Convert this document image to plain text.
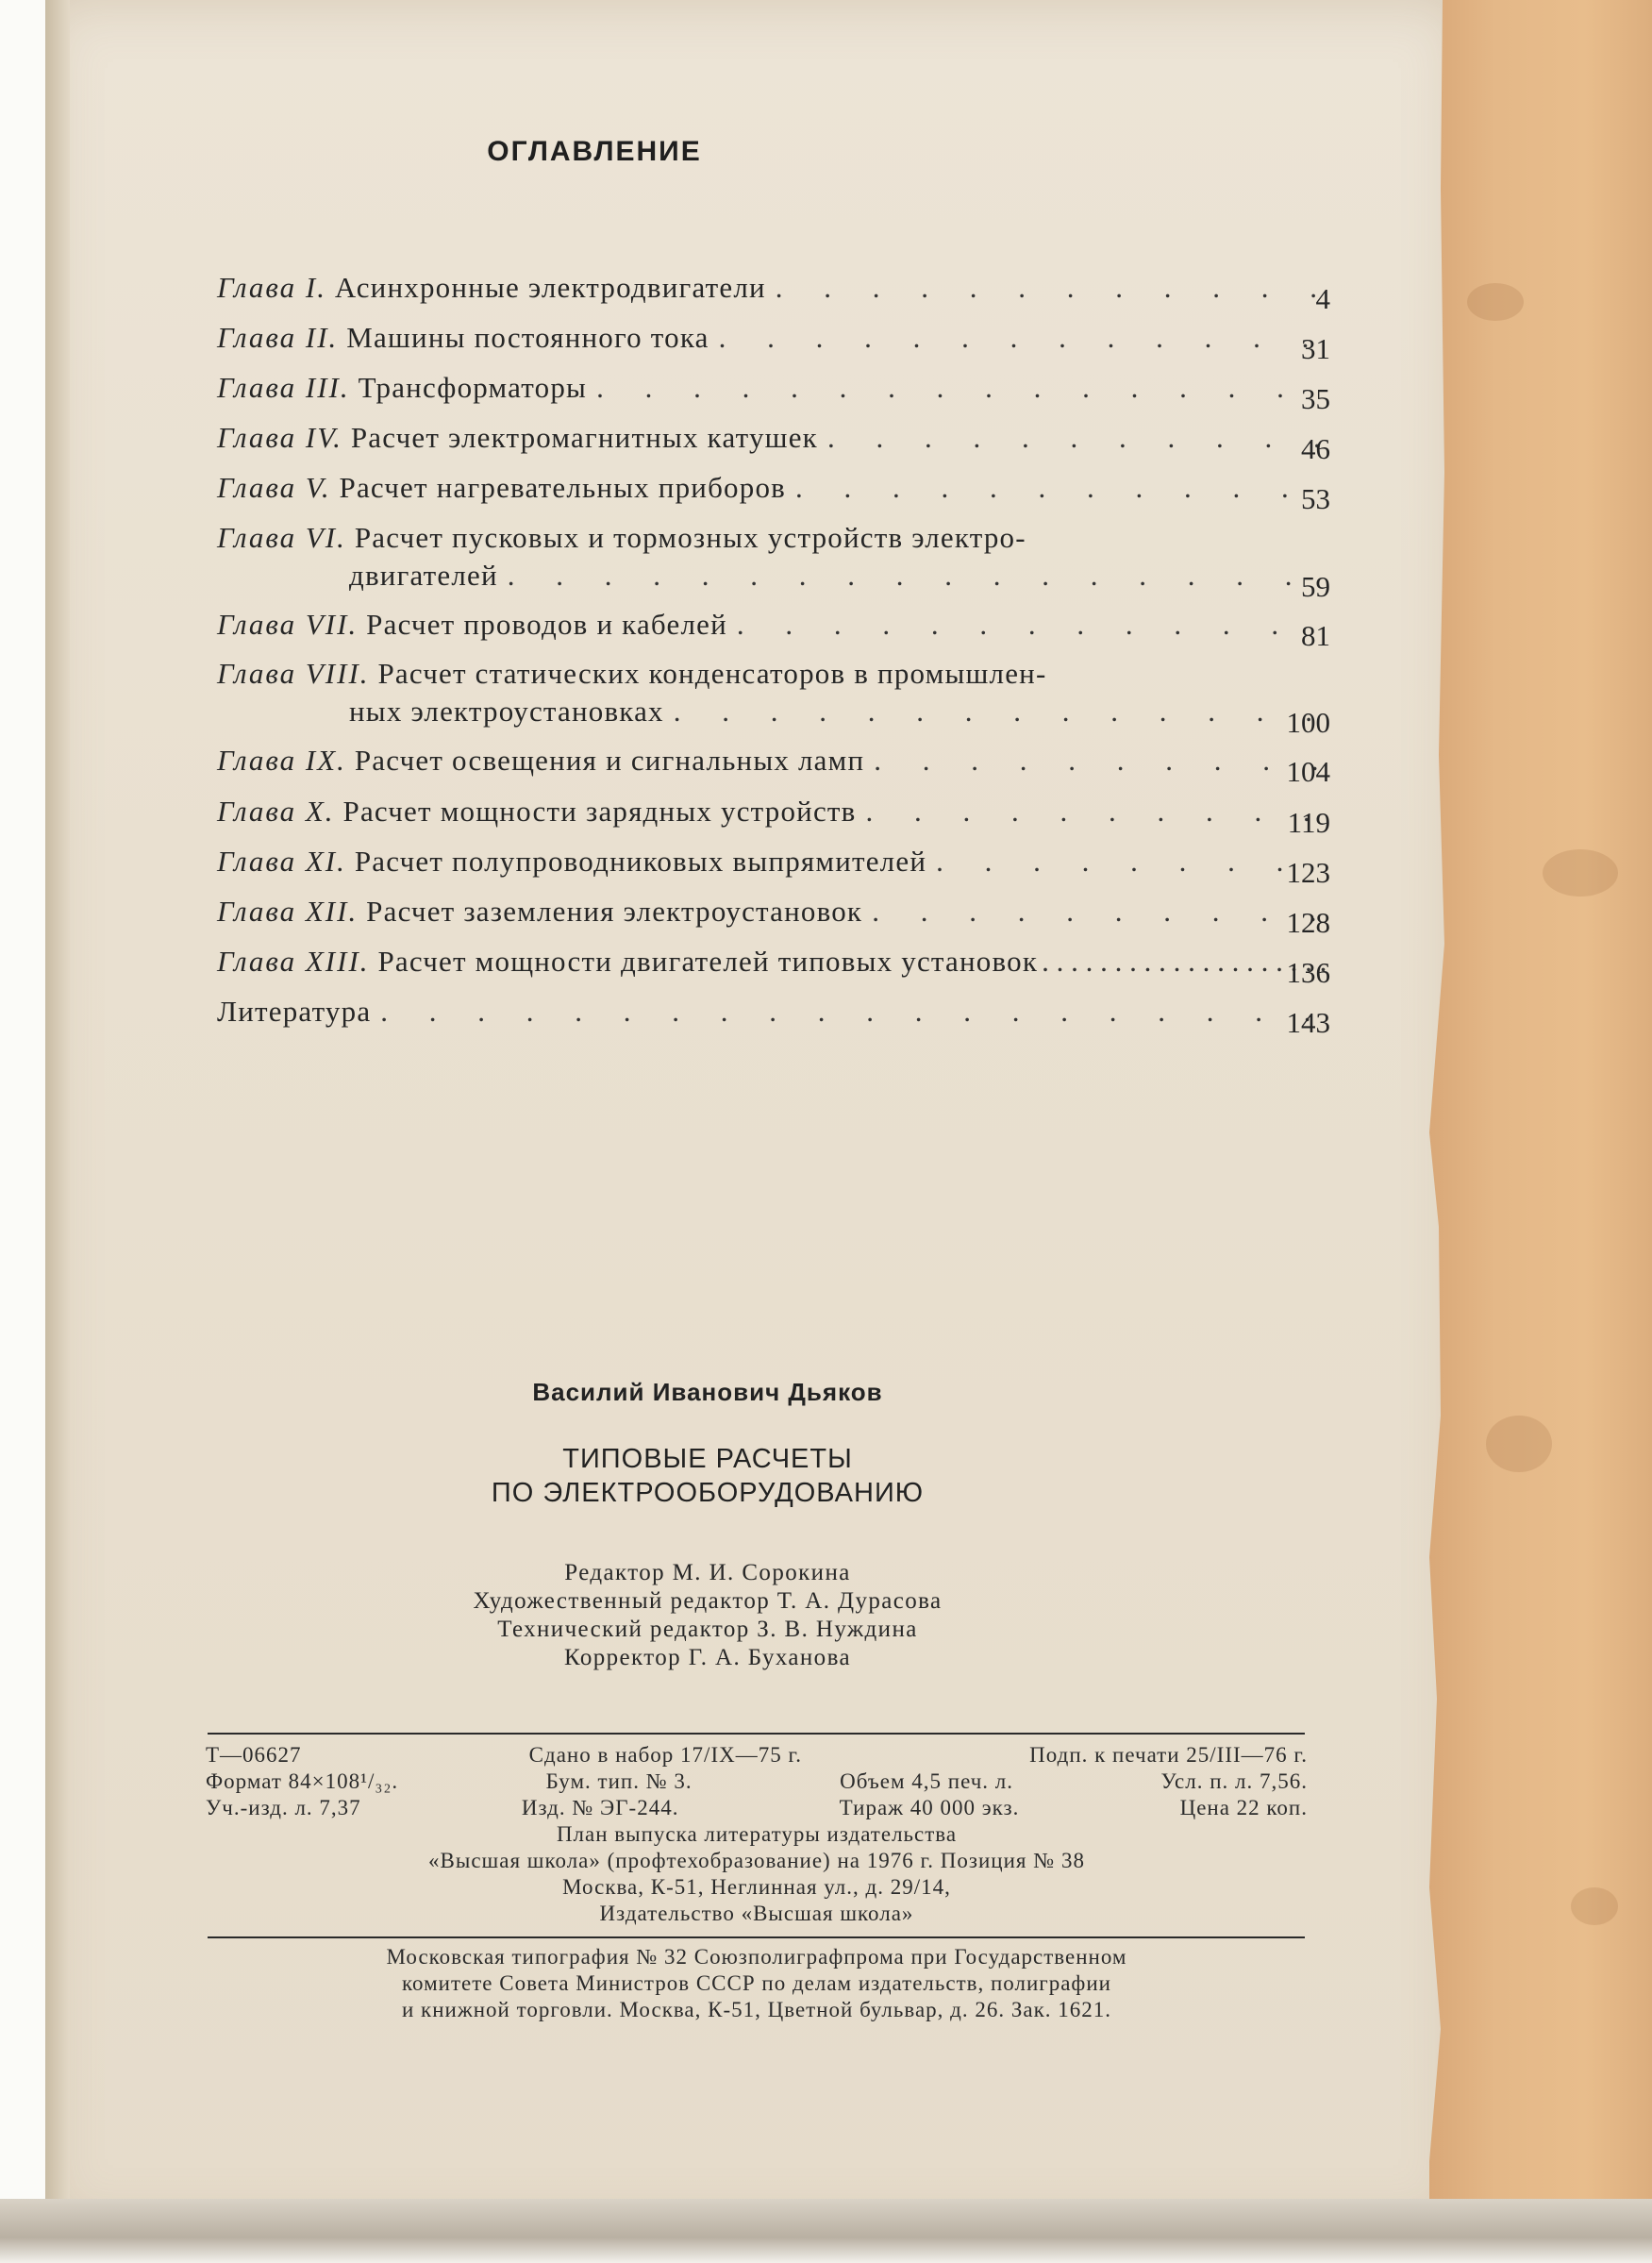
ОГЛАВЛЕНИЕ
Глава I. Асинхронные электродвигатели . . .	4
Глава II. Машины постоянного тока . . .	31
Глава III. Трансформаторы . . .	35
Глава IV. Расчет электромагнитных катушек . . .	46
Глава V. Расчет нагревательных приборов . . .	53
Глава VI. Расчет пусковых и тормозных устройств электро-
двигателей . . .	59
Глава VII. Расчет проводов и кабелей . . .	81
Глава VIII. Расчет статических конденсаторов в промышлен-
ных электроустановках . . .	100
Глава IX. Расчет освещения и сигнальных ламп . . .	104
Глава X. Расчет мощности зарядных устройств . . .	119
Глава XI. Расчет полупроводниковых выпрямителей . . .	123
Глава XII. Расчет заземления электроустановок . . .	128
Глава XIII. Расчет мощности двигателей типовых установок . . .	136
Литература . . .	143
Василий Иванович Дьяков
ТИПОВЫЕ РАСЧЕТЫ
ПО ЭЛЕКТРООБОРУДОВАНИЮ
Редактор М. И. Сорокина
Художественный редактор Т. А. Дурасова
Технический редактор З. В. Нуждина
Корректор Г. А. Буханова
Т—06627	Сдано в набор 17/IX—75 г.	Подп. к печати 25/III—76 г.
Формат 84×108¹/₃₂.	Бум. тип. № 3.	Объем 4,5 печ. л.	Усл. п. л. 7,56.
Уч.-изд. л. 7,37	Изд. № ЭГ-244.	Тираж 40 000 экз.	Цена 22 коп.
План выпуска литературы издательства
«Высшая школа» (профтехобразование) на 1976 г. Позиция № 38
Москва, К-51, Неглинная ул., д. 29/14,
Издательство «Высшая школа»
Московская типография № 32 Союзполиграфпрома при Государственном
комитете Совета Министров СССР по делам издательств, полиграфии
и книжной торговли. Москва, К-51, Цветной бульвар, д. 26. Зак. 1621.
